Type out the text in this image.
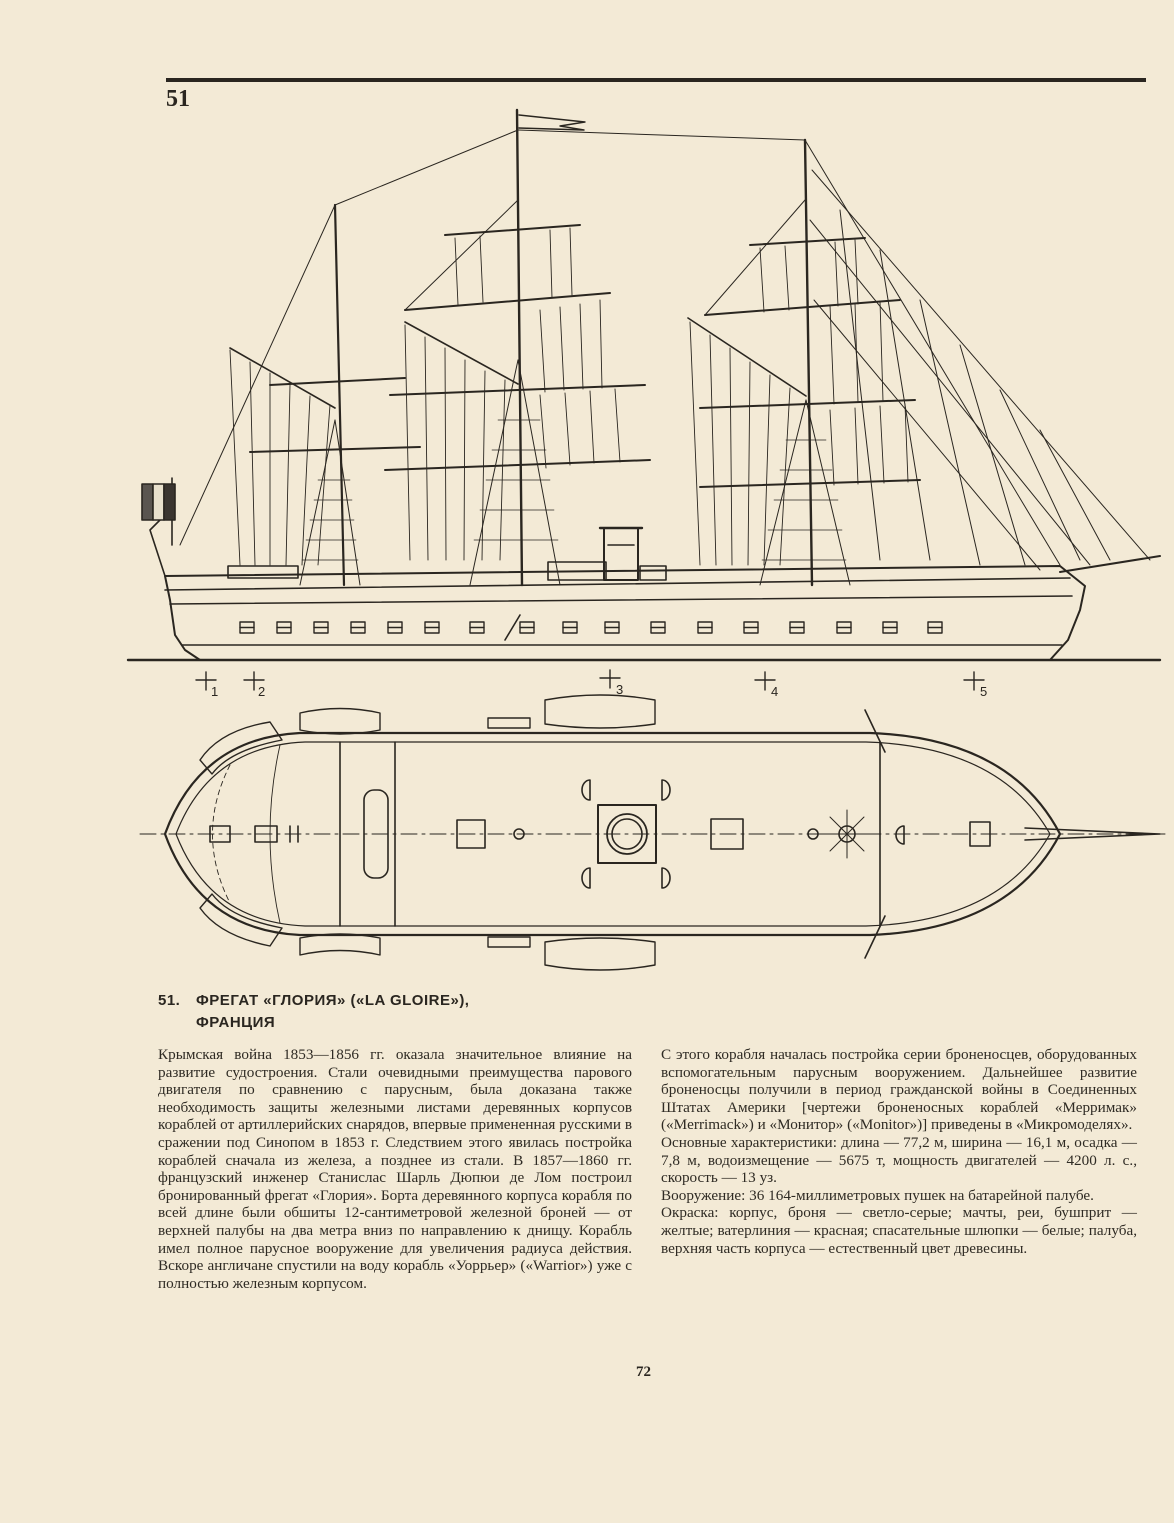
51
1	2	3	4	5
51. ФРЕГАТ «ГЛОРИЯ» («LA GLOIRE»),
ФРАНЦИЯ

Крымская война 1853—1856 гг. оказала значительное влияние на развитие судостроения. Стали очевидными преимущества парового двигателя по сравнению с парусным, была доказана также необходимость защиты железными листами деревянных корпусов кораблей от артиллерийских снарядов, впервые примененная русскими в сражении под Синопом в 1853 г. Следствием этого явилась постройка кораблей сначала из железа, а позднее из стали. В 1857—1860 гг. французский инженер Станислас Шарль Дюпюи де Лом построил бронированный фрегат «Глория». Борта деревянного корпуса корабля по всей длине были обшиты 12-сантиметровой железной броней — от верхней палубы на два метра вниз по направлению к днищу. Корабль имел полное парусное вооружение для увеличения радиуса действия. Вскоре англичане спустили на воду корабль «Уоррьер» («Warrior») уже с полностью железным корпусом.

С этого корабля началась постройка серии броненосцев, оборудованных вспомогательным парусным вооружением. Дальнейшее развитие броненосцы получили в период гражданской войны в Соединенных Штатах Америки [чертежи броненосных кораблей «Мерримак» («Merrimack») и «Монитор» («Monitor»)] приведены в «Микромоделях».

Основные характеристики: длина — 77,2 м, ширина — 16,1 м, осадка — 7,8 м, водоизмещение — 5675 т, мощность двигателей — 4200 л. с., скорость — 13 уз.

Вооружение: 36 164-миллиметровых пушек на батарейной палубе.

Окраска: корпус, броня — светло-серые; мачты, реи, бушприт — желтые; ватерлиния — красная; спасательные шлюпки — белые; палуба, верхняя часть корпуса — естественный цвет древесины.

72
